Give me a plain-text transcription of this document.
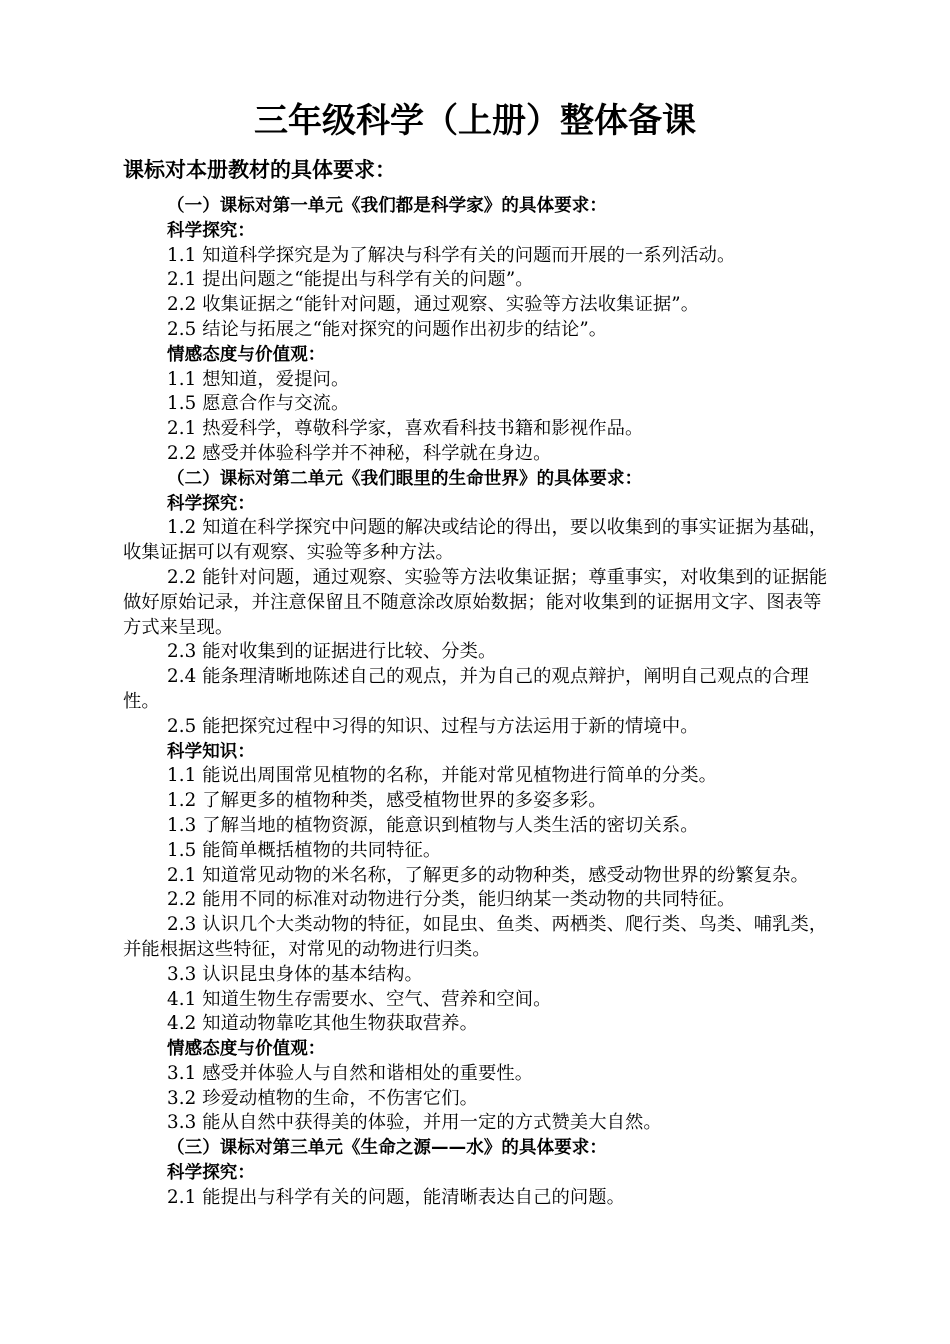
三年级科学（上册）整体备课
课标对本册教材的具体要求：

（一）课标对第一单元《我们都是科学家》的具体要求：

科学探究：

1.1 知道科学探究是为了解决与科学有关的问题而开展的一系列活动。

2.1 提出问题之“能提出与科学有关的问题”。

2.2 收集证据之“能针对问题，通过观察、实验等方法收集证据”。

2.5 结论与拓展之“能对探究的问题作出初步的结论”。

情感态度与价值观：

1.1 想知道，爱提问。

1.5 愿意合作与交流。

2.1 热爱科学，尊敬科学家，喜欢看科技书籍和影视作品。

2.2 感受并体验科学并不神秘，科学就在身边。

（二）课标对第二单元《我们眼里的生命世界》的具体要求：

科学探究：

1.2 知道在科学探究中问题的解决或结论的得出，要以收集到的事实证据为基础，收集证据可以有观察、实验等多种方法。

2.2 能针对问题，通过观察、实验等方法收集证据；尊重事实，对收集到的证据能做好原始记录，并注意保留且不随意涂改原始数据；能对收集到的证据用文字、图表等方式来呈现。

2.3 能对收集到的证据进行比较、分类。

2.4 能条理清晰地陈述自己的观点，并为自己的观点辩护，阐明自己观点的合理性。

2.5 能把探究过程中习得的知识、过程与方法运用于新的情境中。

科学知识：

1.1 能说出周围常见植物的名称，并能对常见植物进行简单的分类。

1.2 了解更多的植物种类，感受植物世界的多姿多彩。

1.3 了解当地的植物资源，能意识到植物与人类生活的密切关系。

1.5 能简单概括植物的共同特征。

2.1 知道常见动物的米名称，了解更多的动物种类，感受动物世界的纷繁复杂。

2.2 能用不同的标准对动物进行分类，能归纳某一类动物的共同特征。

2.3 认识几个大类动物的特征，如昆虫、鱼类、两栖类、爬行类、鸟类、哺乳类，并能根据这些特征，对常见的动物进行归类。

3.3 认识昆虫身体的基本结构。

4.1 知道生物生存需要水、空气、营养和空间。

4.2 知道动物靠吃其他生物获取营养。

情感态度与价值观：

3.1 感受并体验人与自然和谐相处的重要性。

3.2 珍爱动植物的生命，不伤害它们。

3.3 能从自然中获得美的体验，并用一定的方式赞美大自然。

（三）课标对第三单元《生命之源——水》的具体要求：

科学探究：

2.1 能提出与科学有关的问题，能清晰表达自己的问题。
